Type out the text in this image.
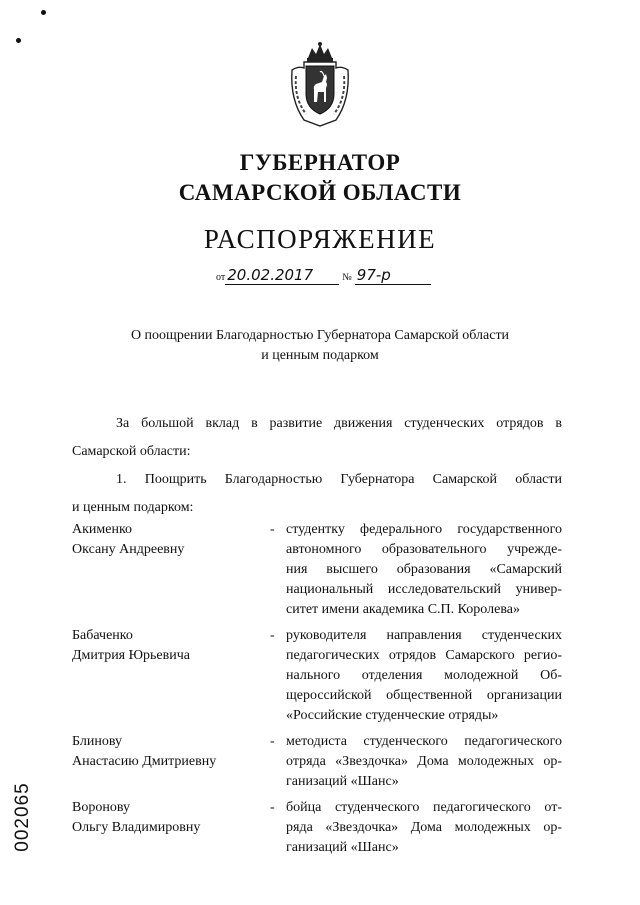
ГУБЕРНАТОР
САМАРСКОЙ ОБЛАСТИ
РАСПОРЯЖЕНИЕ
от 20.02.2017	№ 97-р
О поощрении Благодарностью Губернатора Самарской области
и ценным подарком
За большой вклад в развитие движения студенческих отрядов в
Самарской области:
1. Поощрить Благодарностью Губернатора Самарской области
и ценным подарком:
Акименко
Оксану Андреевну
- студентку федерального государственного
автономного образовательного учрежде-
ния высшего образования «Самарский
национальный исследовательский универ-
ситет имени академика С.П. Королева»
Бабаченко
Дмитрия Юрьевича
- руководителя направления студенческих
педагогических отрядов Самарского регио-
нального отделения молодежной Об-
щероссийской общественной организации
«Российские студенческие отряды»
Блинову
Анастасию Дмитриевну
- методиста студенческого педагогического
отряда «Звездочка» Дома молодежных ор-
ганизаций «Шанс»
Воронову
Ольгу Владимировну
- бойца студенческого педагогического от-
ряда «Звездочка» Дома молодежных ор-
ганизаций «Шанс»
002065
